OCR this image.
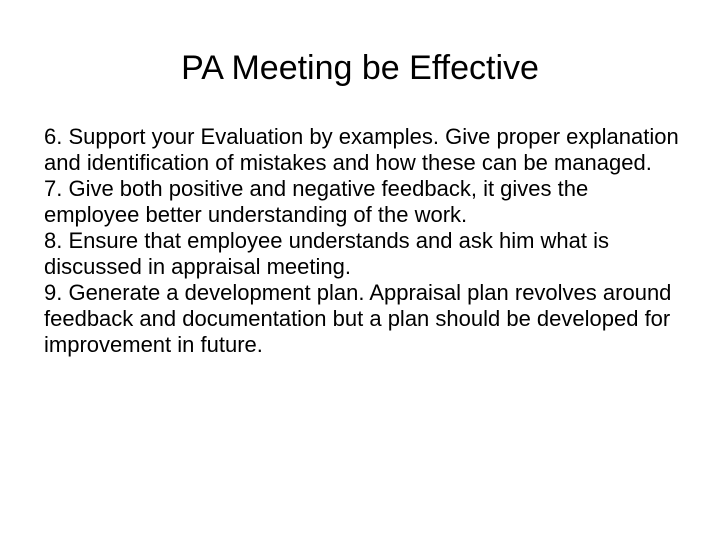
PA Meeting be Effective

6. Support your Evaluation by examples. Give proper explanation and identification of mistakes and how these can be managed.

7. Give both positive and negative feedback, it gives the employee better understanding of the work.

8. Ensure that employee understands and ask him what is discussed in appraisal meeting.

9. Generate a development plan. Appraisal plan revolves around feedback and documentation but a plan should be developed for improvement in future.
